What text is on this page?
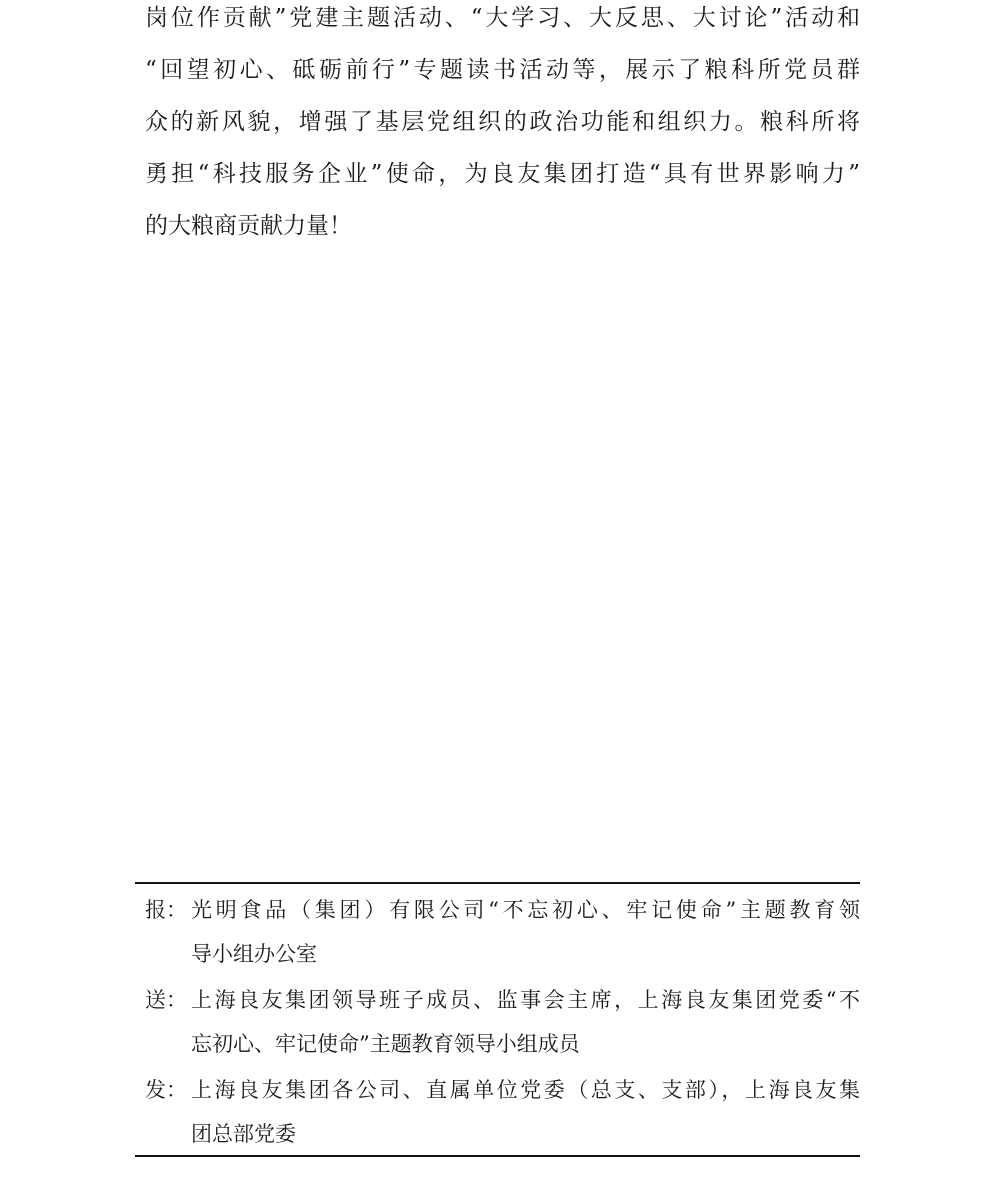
岗位作贡献”党建主题活动、“大学习、大反思、大讨论”活动和
“回望初心、砥砺前行”专题读书活动等，展示了粮科所党员群
众的新风貌，增强了基层党组织的政治功能和组织力。粮科所将
勇担“科技服务企业”使命，为良友集团打造“具有世界影响力”
的大粮商贡献力量！
报： 光明食品（集团）有限公司“不忘初心、牢记使命”主题教育领
导小组办公室
送： 上海良友集团领导班子成员、监事会主席，上海良友集团党委“不
忘初心、牢记使命”主题教育领导小组成员
发： 上海良友集团各公司、直属单位党委（总支、支部），上海良友集
团总部党委
